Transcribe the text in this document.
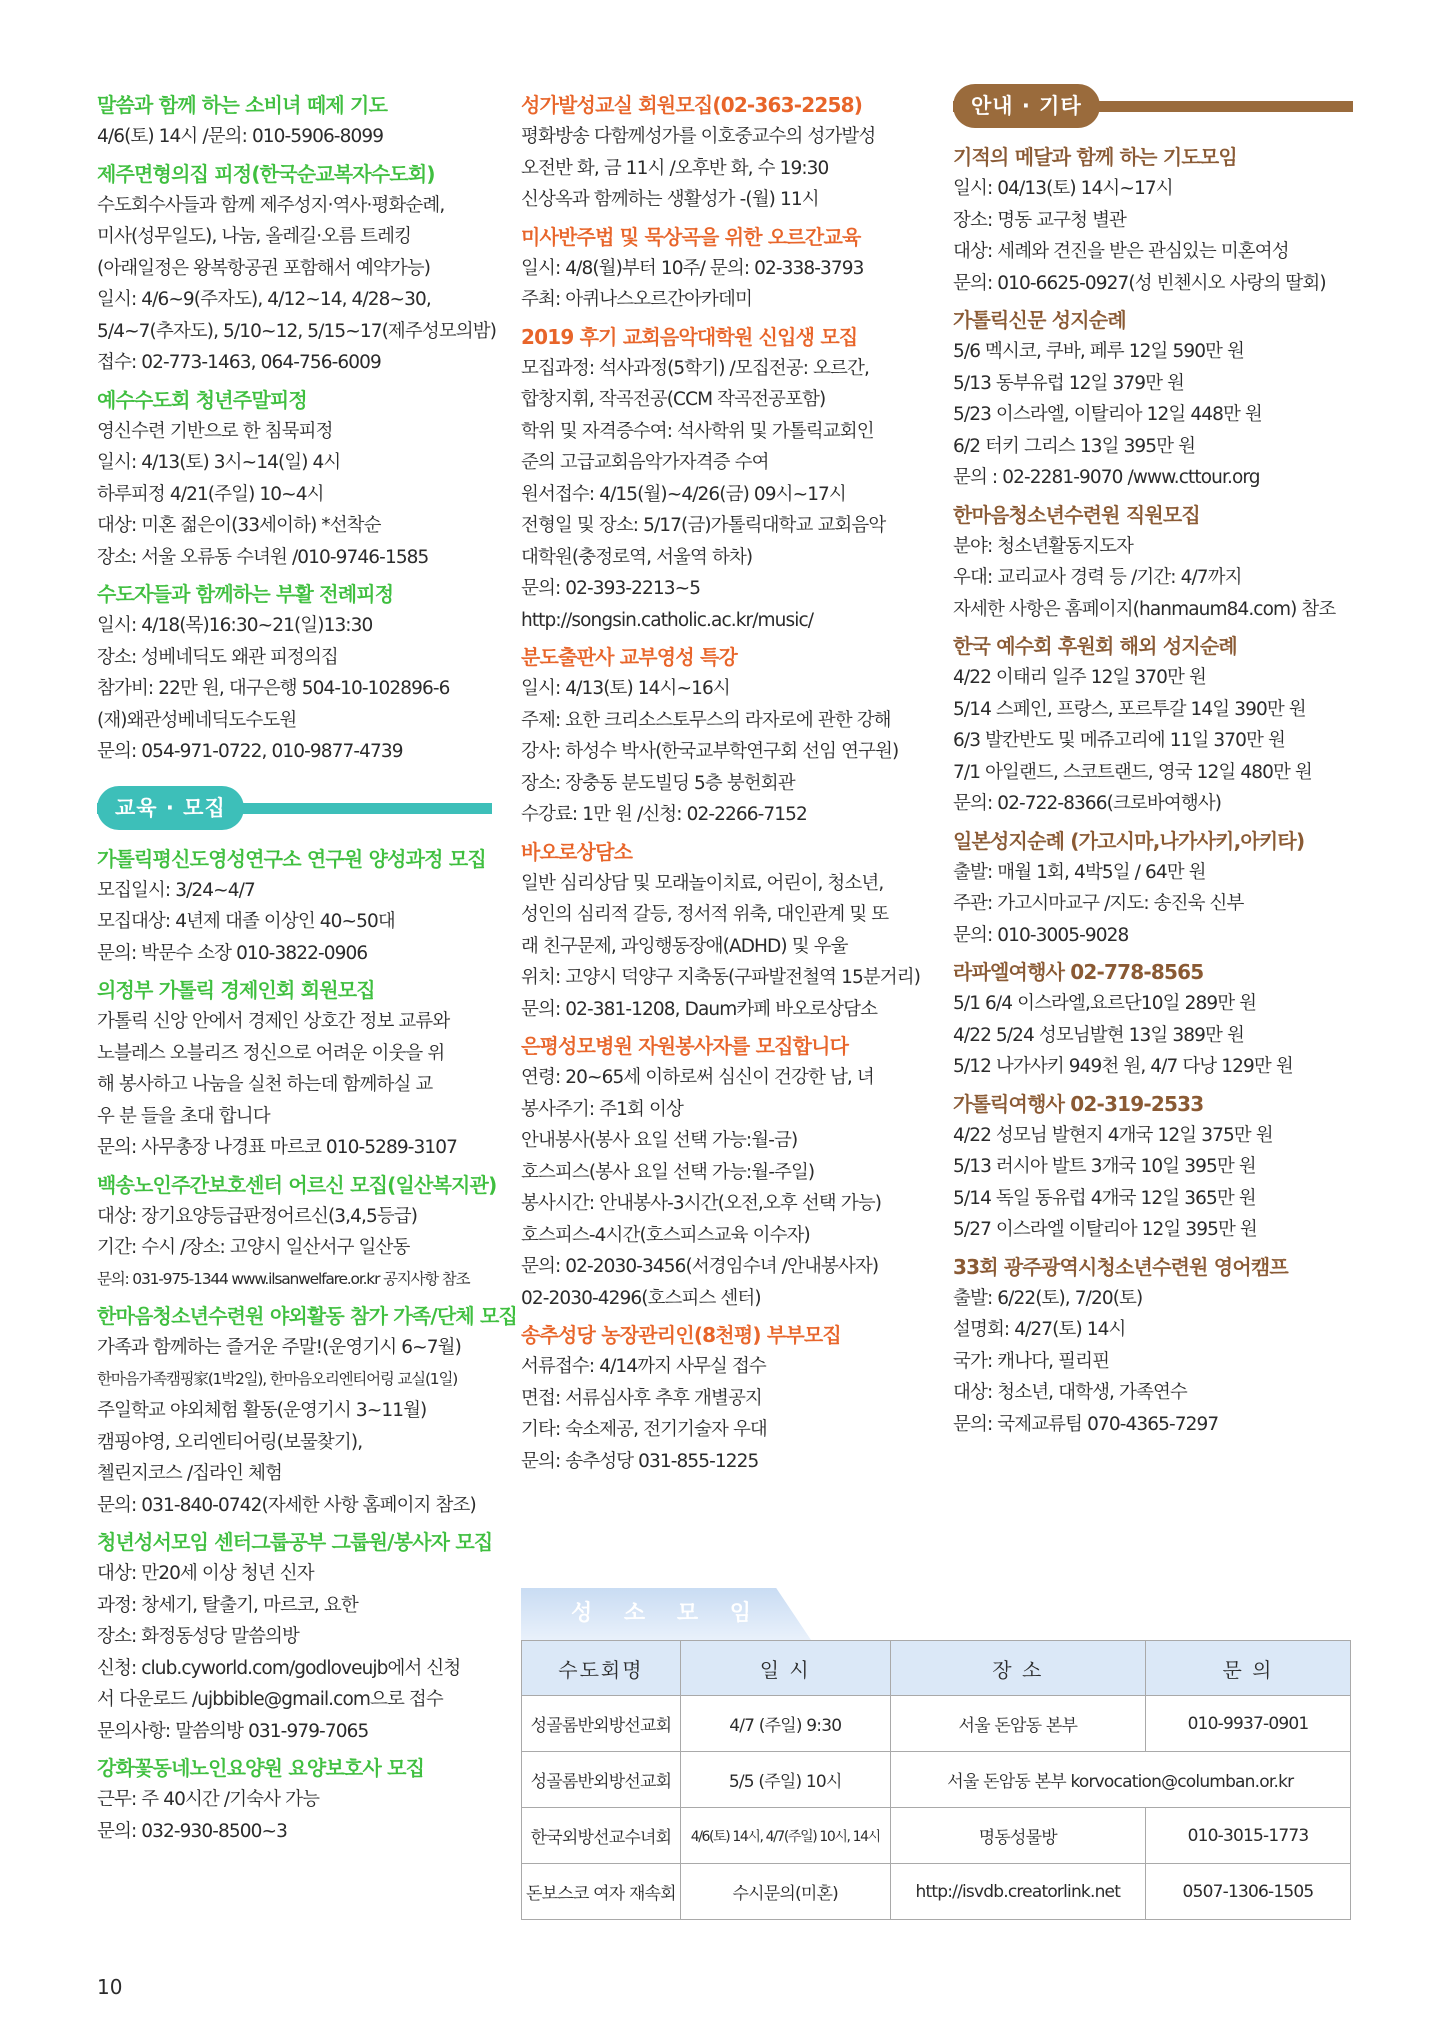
말씀과 함께 하는 소비녀 떼제 기도
4/6(토) 14시 /문의: 010-5906-8099
제주면형의집 피정(한국순교복자수도회)
수도회수사들과 함께 제주성지·역사·평화순례,
미사(성무일도), 나눔, 올레길·오름 트레킹
(아래일정은 왕복항공권 포함해서 예약가능)
일시: 4/6~9(주자도), 4/12~14, 4/28~30,
5/4~7(추자도), 5/10~12, 5/15~17(제주성모의밤)
접수: 02-773-1463, 064-756-6009
예수수도회 청년주말피정
영신수련 기반으로 한 침묵피정
일시: 4/13(토) 3시~14(일) 4시
하루피정 4/21(주일) 10~4시
대상: 미혼 젊은이(33세이하) *선착순
장소: 서울 오류동 수녀원 /010-9746-1585
수도자들과 함께하는 부활 전례피정
일시: 4/18(목)16:30~21(일)13:30
장소: 성베네딕도 왜관 피정의집
참가비: 22만 원, 대구은행 504-10-102896-6
(재)왜관성베네딕도수도원
문의: 054-971-0722, 010-9877-4739
교육 · 모집
가톨릭평신도영성연구소 연구원 양성과정 모집
모집일시: 3/24~4/7
모집대상: 4년제 대졸 이상인 40~50대
문의: 박문수 소장 010-3822-0906
의정부 가톨릭 경제인회 회원모집
가톨릭 신앙 안에서 경제인 상호간 정보 교류와
노블레스 오블리즈 정신으로 어려운 이웃을 위
해 봉사하고 나눔을 실천 하는데 함께하실 교
우 분 들을 초대 합니다
문의: 사무총장 나경표 마르코 010-5289-3107
백송노인주간보호센터 어르신 모집(일산복지관)
대상: 장기요양등급판정어르신(3,4,5등급)
기간: 수시 /장소: 고양시 일산서구 일산동
문의: 031-975-1344 www.ilsanwelfare.or.kr 공지사항 참조
한마음청소년수련원 야외활동 참가 가족/단체 모집
가족과 함께하는 즐거운 주말!(운영기시 6~7월)
한마음가족캠핑家(1박2일), 한마음오리엔티어링 교실(1일)
주일학교 야외체험 활동(운영기시 3~11월)
캠핑야영, 오리엔티어링(보물찾기),
첼린지코스 /집라인 체험
문의: 031-840-0742(자세한 사항 홈페이지 참조)
청년성서모임 센터그룹공부 그룹원/봉사자 모집
대상: 만20세 이상 청년 신자
과정: 창세기, 탈출기, 마르코, 요한
장소: 화정동성당 말씀의방
신청: club.cyworld.com/godloveujb에서 신청
서 다운로드 /ujbbible@gmail.com으로 접수
문의사항: 말씀의방 031-979-7065
강화꽃동네노인요양원 요양보호사 모집
근무: 주 40시간 /기숙사 가능
문의: 032-930-8500~3
성가발성교실 회원모집(02-363-2258)
평화방송 다함께성가를 이호중교수의 성가발성
오전반 화, 금 11시 /오후반 화, 수 19:30
신상옥과 함께하는 생활성가 -(월) 11시
미사반주법 및 묵상곡을 위한 오르간교육
일시: 4/8(월)부터 10주/ 문의: 02-338-3793
주최: 아퀴나스오르간아카데미
2019 후기 교회음악대학원 신입생 모집
모집과정: 석사과정(5학기) /모집전공: 오르간,
합창지휘, 작곡전공(CCM 작곡전공포함)
학위 및 자격증수여: 석사학위 및 가톨릭교회인
준의 고급교회음악가자격증 수여
원서접수: 4/15(월)~4/26(금) 09시~17시
전형일 및 장소: 5/17(금)가톨릭대학교 교회음악
대학원(충정로역, 서울역 하차)
문의: 02-393-2213~5
http://songsin.catholic.ac.kr/music/
분도출판사 교부영성 특강
일시: 4/13(토) 14시~16시
주제: 요한 크리소스토무스의 라자로에 관한 강해
강사: 하성수 박사(한국교부학연구회 선임 연구원)
장소: 장충동 분도빌딩 5층 붕헌회관
수강료: 1만 원 /신청: 02-2266-7152
바오로상담소
일반 심리상담 및 모래놀이치료, 어린이, 청소년,
성인의 심리적 갈등, 정서적 위축, 대인관계 및 또
래 친구문제, 과잉행동장애(ADHD) 및 우울
위치: 고양시 덕양구 지축동(구파발전철역 15분거리)
문의: 02-381-1208, Daum카페 바오로상담소
은평성모병원 자원봉사자를 모집합니다
연령: 20~65세 이하로써 심신이 건강한 남, 녀
봉사주기: 주1회 이상
안내봉사(봉사 요일 선택 가능:월-금)
호스피스(봉사 요일 선택 가능:월-주일)
봉사시간: 안내봉사-3시간(오전,오후 선택 가능)
호스피스-4시간(호스피스교육 이수자)
문의: 02-2030-3456(서경임수녀 /안내봉사자)
02-2030-4296(호스피스 센터)
송추성당 농장관리인(8천평) 부부모집
서류접수: 4/14까지 사무실 접수
면접: 서류심사후 추후 개별공지
기타: 숙소제공, 전기기술자 우대
문의: 송추성당 031-855-1225
안내 · 기타
기적의 메달과 함께 하는 기도모임
일시: 04/13(토) 14시~17시
장소: 명동 교구청 별관
대상: 세례와 견진을 받은 관심있는 미혼여성
문의: 010-6625-0927(성 빈첸시오 사랑의 딸회)
가톨릭신문 성지순례
5/6 멕시코, 쿠바, 페루 12일 590만 원
5/13 동부유럽 12일 379만 원
5/23 이스라엘, 이탈리아 12일 448만 원
6/2 터키 그리스 13일 395만 원
문의 : 02-2281-9070 /www.cttour.org
한마음청소년수련원 직원모집
분야: 청소년활동지도자
우대: 교리교사 경력 등 /기간: 4/7까지
자세한 사항은 홈페이지(hanmaum84.com) 참조
한국 예수회 후원회 해외 성지순례
4/22 이태리 일주 12일 370만 원
5/14 스페인, 프랑스, 포르투갈 14일 390만 원
6/3 발칸반도 및 메쥬고리에 11일 370만 원
7/1 아일랜드, 스코트랜드, 영국 12일 480만 원
문의: 02-722-8366(크로바여행사)
일본성지순례 (가고시마,나가사키,아키타)
출발: 매월 1회, 4박5일 / 64만 원
주관: 가고시마교구 /지도: 송진욱 신부
문의: 010-3005-9028
라파엘여행사 02-778-8565
5/1 6/4 이스라엘,요르단10일 289만 원
4/22 5/24 성모님발현 13일 389만 원
5/12 나가사키 949천 원, 4/7 다낭 129만 원
가톨릭여행사 02-319-2533
4/22 성모님 발현지 4개국 12일 375만 원
5/13 러시아 발트 3개국 10일 395만 원
5/14 독일 동유럽 4개국 12일 365만 원
5/27 이스라엘 이탈리아 12일 395만 원
33회 광주광역시청소년수련원 영어캠프
출발: 6/22(토), 7/20(토)
설명회: 4/27(토) 14시
국가: 캐나다, 필리핀
대상: 청소년, 대학생, 가족연수
문의: 국제교류팀 070-4365-7297
성 소 모 임
수도회명	일 시	장 소	문 의
성골롬반외방선교회	4/7 (주일) 9:30	서울 돈암동 본부	010-9937-0901
성골롬반외방선교회	5/5 (주일) 10시	서울 돈암동 본부 korvocation@columban.or.kr	
한국외방선교수녀회	4/6(토) 14시, 4/7(주일) 10시, 14시	명동성물방	010-3015-1773
돈보스코 여자 재속회	수시문의(미혼)	http://isvdb.creatorlink.net	0507-1306-1505
10
